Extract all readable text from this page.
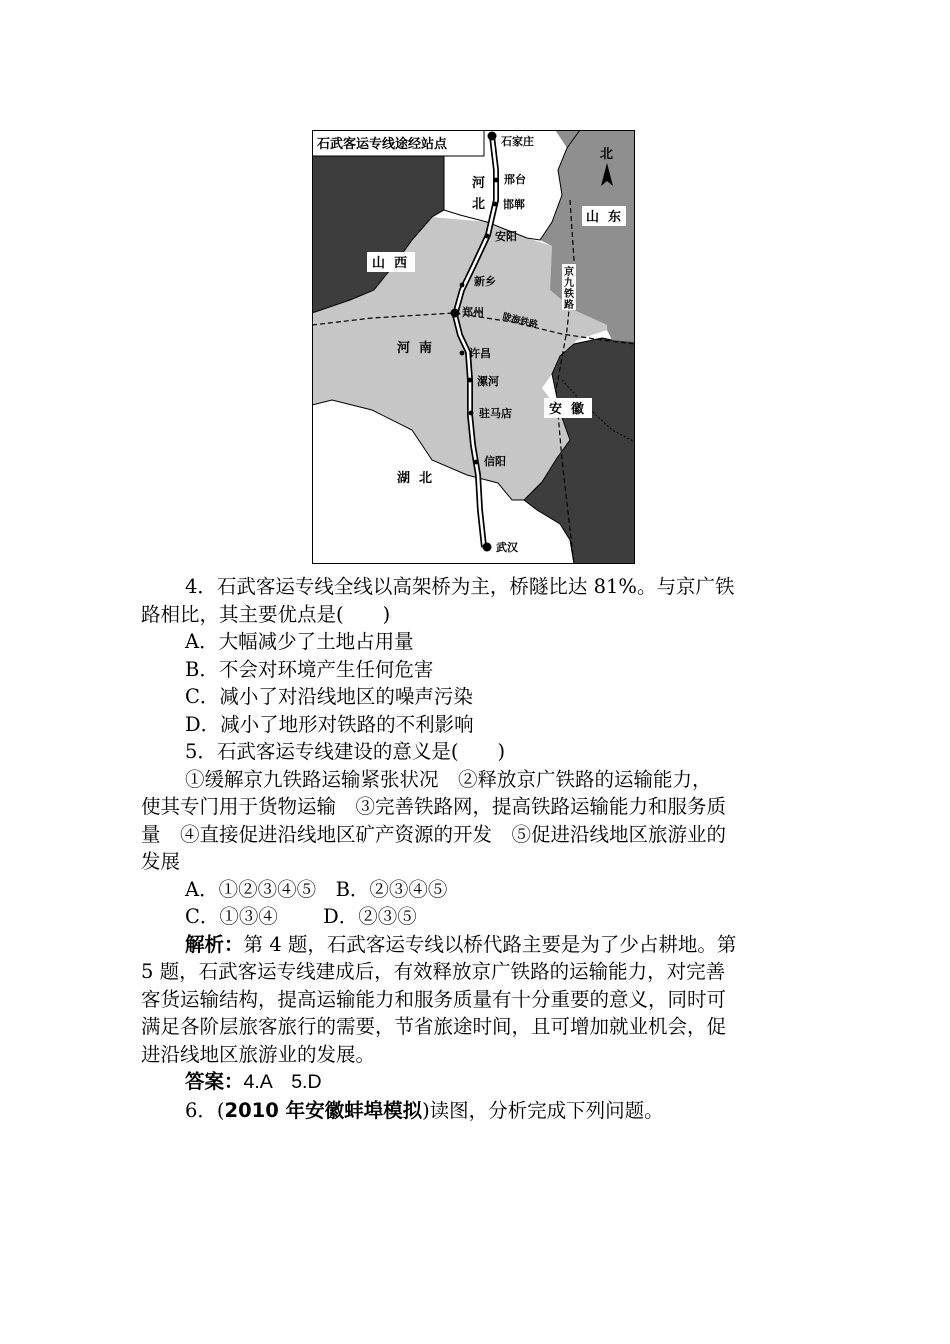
石武客运专线途经站点
北
河
北
山  东
山  西
河  南
安  徽
湖  北
京
九
铁
路
陇海铁路
石家庄
邢台
邯郸
安阳
新乡
郑州
许昌
漯河
驻马店
信阳
武汉

4．石武客运专线全线以高架桥为主，桥隧比达 81%。与京广铁

路相比，其主要优点是(　　)

A．大幅减少了土地占用量

B．不会对环境产生任何危害

C．减小了对沿线地区的噪声污染

D．减小了地形对铁路的不利影响

5．石武客运专线建设的意义是(　　)

①缓解京九铁路运输紧张状况　②释放京广铁路的运输能力，

使其专门用于货物运输　③完善铁路网，提高铁路运输能力和服务质

量　④直接促进沿线地区矿产资源的开发　⑤促进沿线地区旅游业的

发展

A．①②③④⑤　B．②③④⑤

C．①③④　　 D．②③⑤

解析：第 4 题，石武客运专线以桥代路主要是为了少占耕地。第

5 题，石武客运专线建成后，有效释放京广铁路的运输能力，对完善

客货运输结构，提高运输能力和服务质量有十分重要的意义，同时可

满足各阶层旅客旅行的需要，节省旅途时间，且可增加就业机会，促

进沿线地区旅游业的发展。

答案：4.A　5.D

6．(2010 年安徽蚌埠模拟)读图，分析完成下列问题。
